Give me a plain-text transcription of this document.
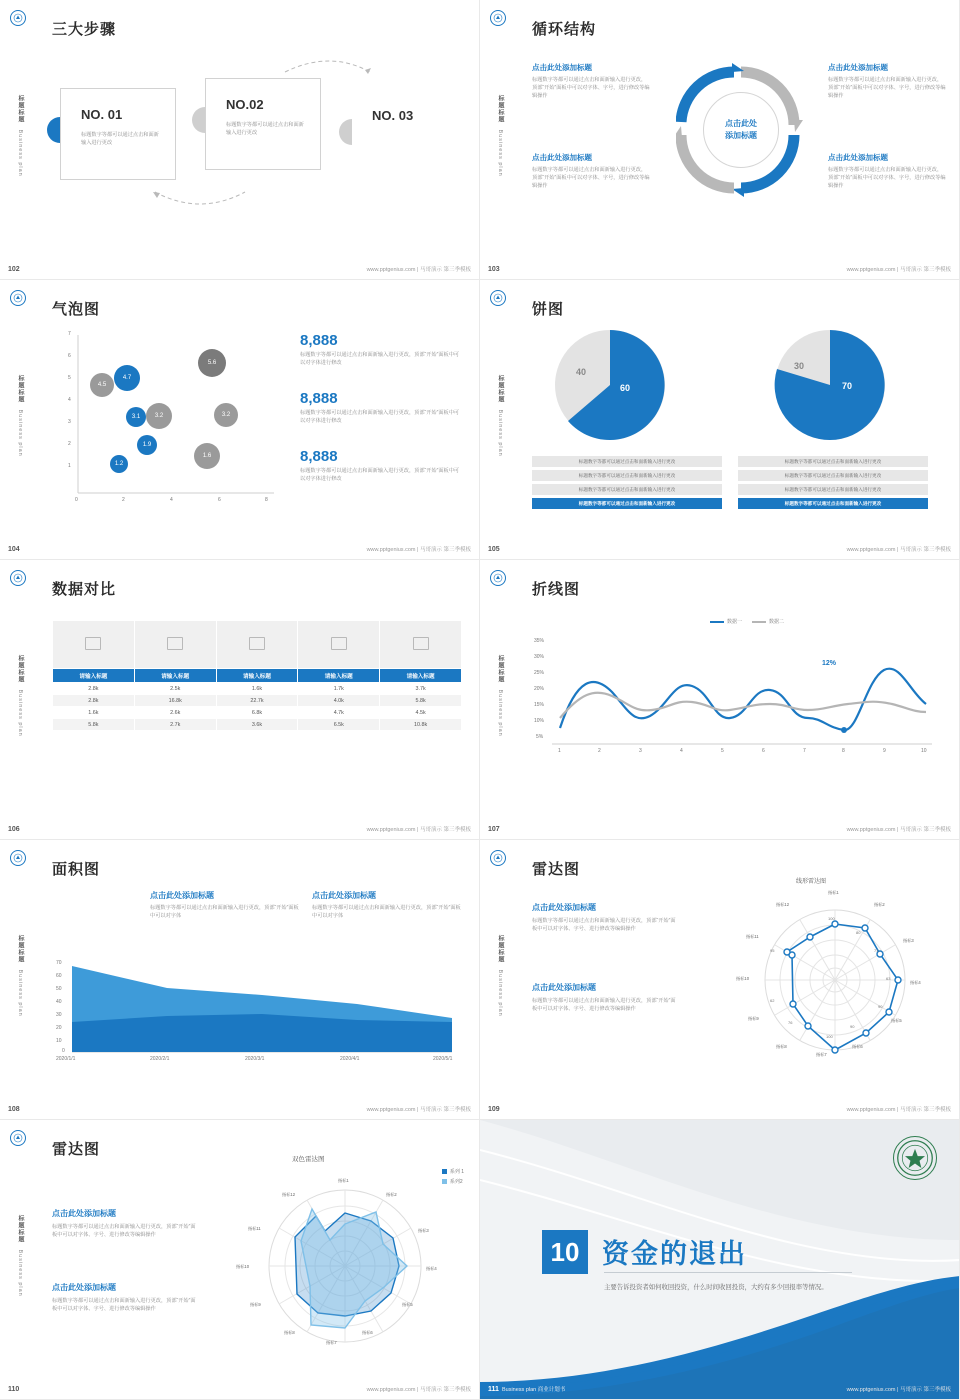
标题标题　Business plan
三大步骤
NO. 01
标题数字等都可以通过点击和面新输入进行更改
NO.02
标题数字等都可以通过点击和面新输入进行更改
NO. 03
102	www.pptgenius.com | 马哥演示 第三季模板
标题标题　Business plan
循环结构
点击此处
添加标题
点击此处添加标题
标题数字等都可以通过点击和面新输入进行更改，顶部“开始”面板中可以对字体、字号，进行修改等编辑操作
点击此处添加标题
标题数字等都可以通过点击和面新输入进行更改，顶部“开始”面板中可以对字体、字号，进行修改等编辑操作
点击此处添加标题
标题数字等都可以通过点击和面新输入进行更改，顶部“开始”面板中可以对字体、字号，进行修改等编辑操作
点击此处添加标题
标题数字等都可以通过点击和面新输入进行更改，顶部“开始”面板中可以对字体、字号，进行修改等编辑操作
103	www.pptgenius.com | 马哥演示 第三季模板
标题标题　Business plan
气泡图
7
6
5
4
3
2
1
0	2	4	6	8
4.5
4.7
3.1	3.2
1.9
1.2
5.6
3.2
1.6
8,888
标题数字等都可以通过点击和面新输入进行更改，顶部“开始”面板中可以对字体进行修改
8,888
标题数字等都可以通过点击和面新输入进行更改，顶部“开始”面板中可以对字体进行修改
8,888
标题数字等都可以通过点击和面新输入进行更改，顶部“开始”面板中可以对字体进行修改
104	www.pptgenius.com | 马哥演示 第三季模板
标题标题　Business plan
饼图
60
40
70
30
标题数字等都可以通过点击和面新输入进行更改
标题数字等都可以通过点击和面新输入进行更改
标题数字等都可以通过点击和面新输入进行更改
标题数字等都可以通过点击和面新输入进行更改
标题数字等都可以通过点击和面新输入进行更改
标题数字等都可以通过点击和面新输入进行更改
标题数字等都可以通过点击和面新输入进行更改
标题数字等都可以通过点击和面新输入进行更改
105	www.pptgenius.com | 马哥演示 第三季模板
标题标题　Business plan
数据对比

请输入标题	请输入标题	请输入标题	请输入标题	请输入标题
2.8k	2.5k	1.6k	1.7k	3.7k
2.8k	16.8k	22.7k	4.0k	5.8k
1.6k	2.6k	6.8k	4.7k	4.5k
5.8k	2.7k	3.6k	6.5k	10.8k
106	www.pptgenius.com | 马哥演示 第三季模板
标题标题　Business plan
折线图
数据一	数据二
12%
35%
30%
25%
20%
15%
10%
5%
1	2	3	4	5	6	7	8	9	10
107	www.pptgenius.com | 马哥演示 第三季模板
标题标题　Business plan
面积图
点击此处添加标题
标题数字等都可以通过点击和面新输入进行更改，顶部“开始”面板中可以对字体
点击此处添加标题
标题数字等都可以通过点击和面新输入进行更改，顶部“开始”面板中可以对字体
70
60
50
40
30
20
10
0
2020/1/1	2020/2/1	2020/3/1	2020/4/1	2020/5/1
108	www.pptgenius.com | 马哥演示 第三季模板
标题标题　Business plan
雷达图
点击此处添加标题
标题数字等都可以通过点击和面新输入进行更改，顶部“开始”面板中可以对字体、字号、进行修改等编辑操作
点击此处添加标题
标题数字等都可以通过点击和面新输入进行更改，顶部“开始”面板中可以对字体、字号、进行修改等编辑操作
线形雷达图
指标1
指标2
指标3
指标4
指标5
指标6
指标7
指标8
指标9
指标10
指标11
指标12
100
80
71
63
90
90
100
76
62
95
109	www.pptgenius.com | 马哥演示 第三季模板
标题标题　Business plan
雷达图
点击此处添加标题
标题数字等都可以通过点击和面新输入进行更改，顶部“开始”面板中可以对字体、字号、进行修改等编辑操作
点击此处添加标题
标题数字等都可以通过点击和面新输入进行更改，顶部“开始”面板中可以对字体、字号、进行修改等编辑操作
双色雷达图
系列 1
系列2
指标1
指标2
指标3
指标4
指标5
指标6
指标7
指标8
指标9
指标10
指标11
指标12
110	www.pptgenius.com | 马哥演示 第三季模板
10 资金的退出
主要告诉投资者如何收回投资，什么时间收回投资，大约有多少回报率等情况。
111 Business plan 商业计划书	www.pptgenius.com | 马哥演示 第三季模板
